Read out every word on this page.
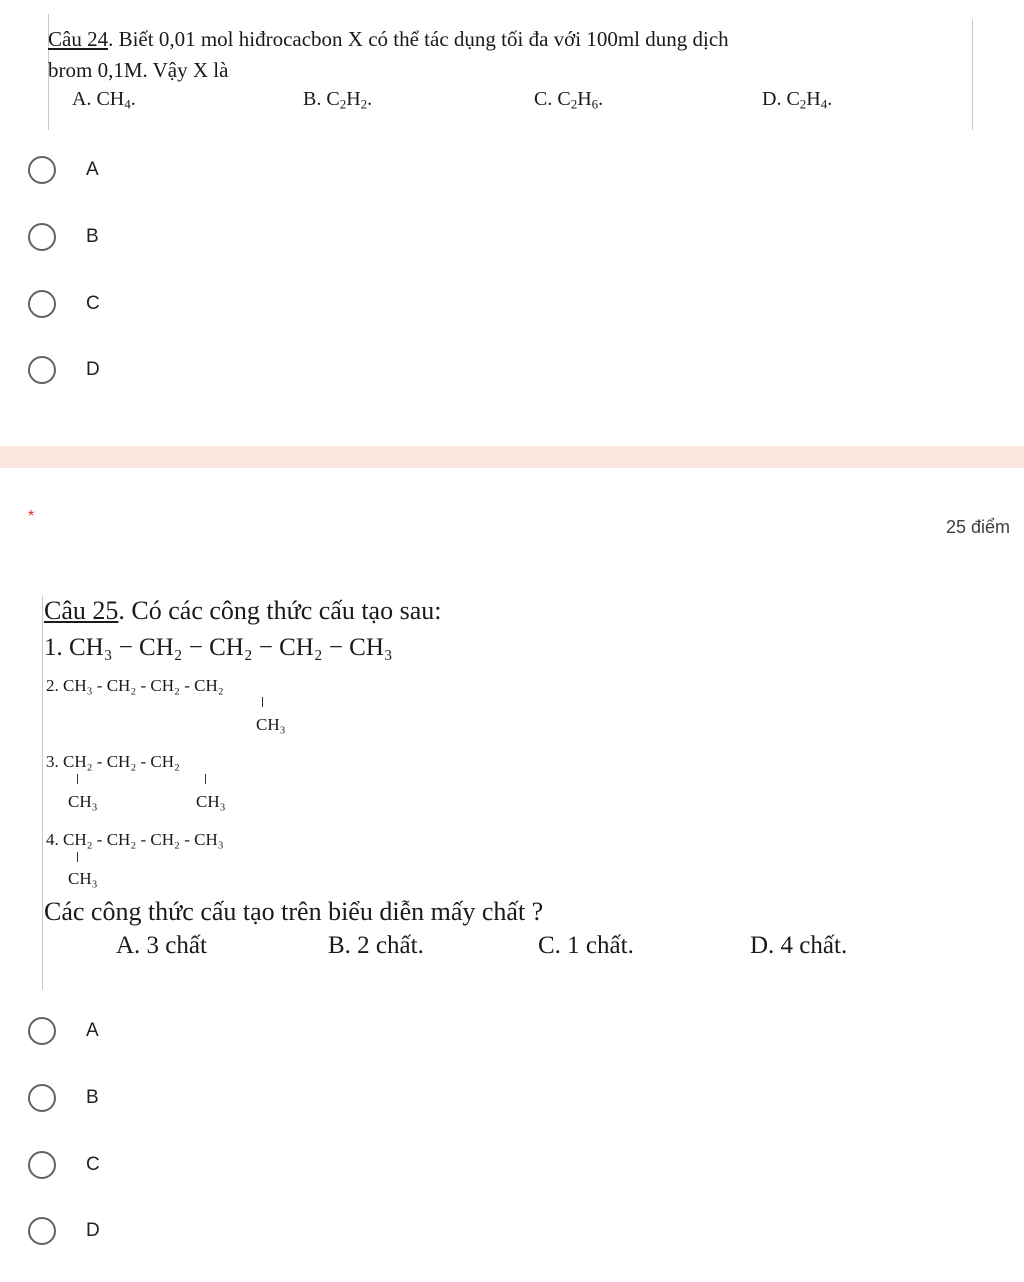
Câu 24. Biết 0,01 mol hiđrocacbon X có thể tác dụng tối đa với 100ml dung dịch
brom 0,1M. Vậy X là
A. $CH_4$.	B. $C_2H_2$.	C. $C_2H_6$.	D. $C_2H_4$.
A
B
C
D
*
25 điểm
Câu 25. Có các công thức cấu tạo sau:
1. CH₃ − CH₂ − CH₂ − CH₂ − CH₃
2. CH₃ - CH₂ - CH₂ - CH₂
CH₃
3. CH₂ - CH₂ - CH₂
CH₃	CH₃
4. CH₂ - CH₂ - CH₂ - CH₃
CH₃
Các công thức cấu tạo trên biểu diễn mấy chất ?
A. 3 chất	B. 2 chất.	C. 1 chất.	D. 4 chất.
A
B
C
D
